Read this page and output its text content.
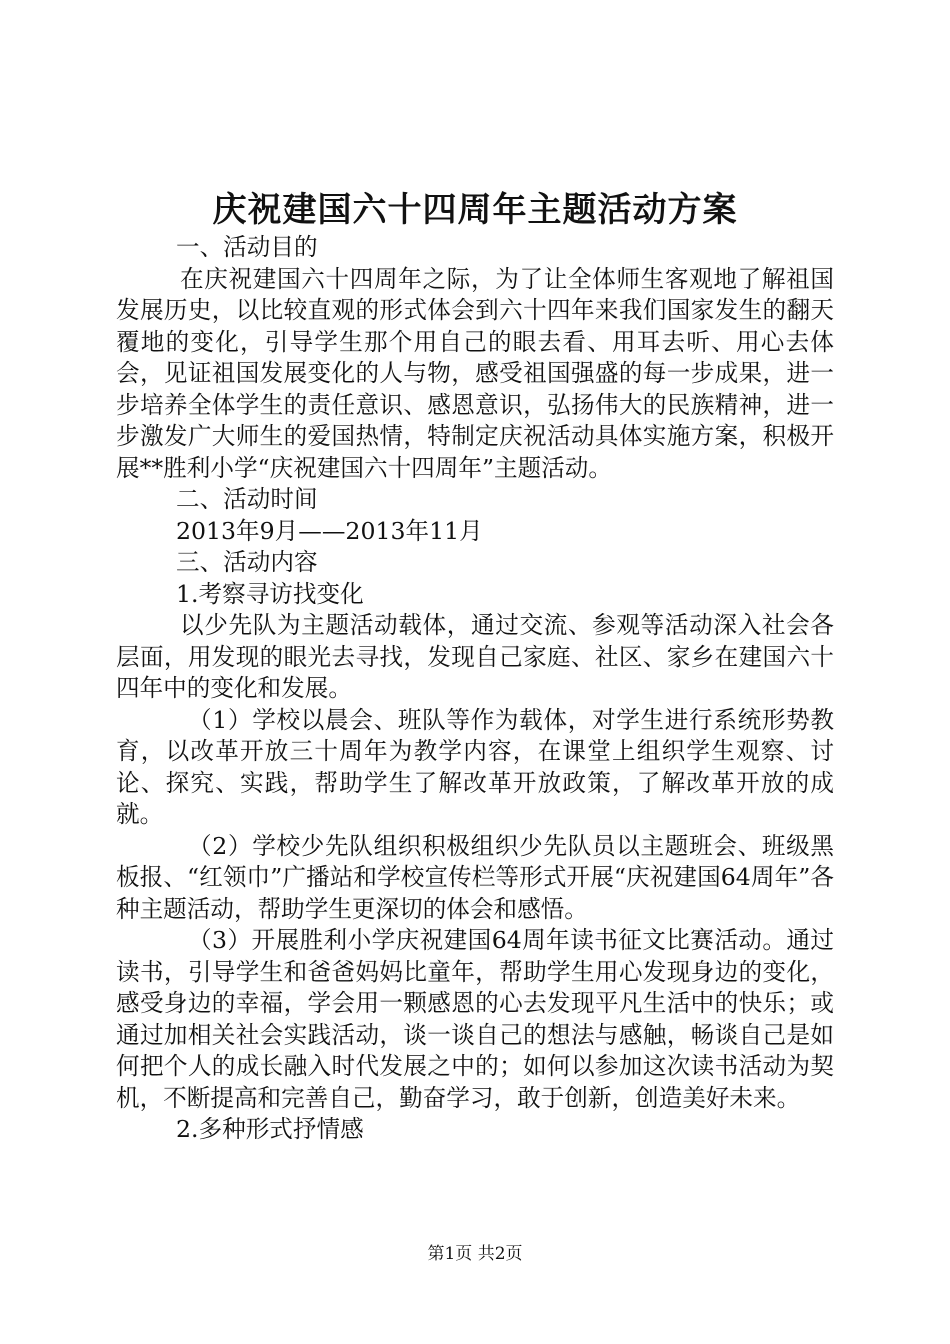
庆祝建国六十四周年主题活动方案

一、活动目的

在庆祝建国六十四周年之际，为了让全体师生客观地了解祖国发展历史，以比较直观的形式体会到六十四年来我们国家发生的翻天覆地的变化，引导学生那个用自己的眼去看、用耳去听、用心去体会，见证祖国发展变化的人与物，感受祖国强盛的每一步成果，进一步培养全体学生的责任意识、感恩意识，弘扬伟大的民族精神，进一步激发广大师生的爱国热情，特制定庆祝活动具体实施方案，积极开展**胜利小学“庆祝建国六十四周年”主题活动。

二、活动时间

2013年9月——2013年11月

三、活动内容

1.考察寻访找变化

以少先队为主题活动载体，通过交流、参观等活动深入社会各层面，用发现的眼光去寻找，发现自己家庭、社区、家乡在建国六十四年中的变化和发展。

（1）学校以晨会、班队等作为载体，对学生进行系统形势教育，以改革开放三十周年为教学内容，在课堂上组织学生观察、讨论、探究、实践，帮助学生了解改革开放政策，了解改革开放的成就。

（2）学校少先队组织积极组织少先队员以主题班会、班级黑板报、“红领巾”广播站和学校宣传栏等形式开展“庆祝建国64周年”各种主题活动，帮助学生更深切的体会和感悟。

（3）开展胜利小学庆祝建国64周年读书征文比赛活动。通过读书，引导学生和爸爸妈妈比童年，帮助学生用心发现身边的变化，感受身边的幸福，学会用一颗感恩的心去发现平凡生活中的快乐；或通过加相关社会实践活动，谈一谈自己的想法与感触，畅谈自己是如何把个人的成长融入时代发展之中的；如何以参加这次读书活动为契机，不断提高和完善自己，勤奋学习，敢于创新，创造美好未来。

2.多种形式抒情感

第1页 共2页
